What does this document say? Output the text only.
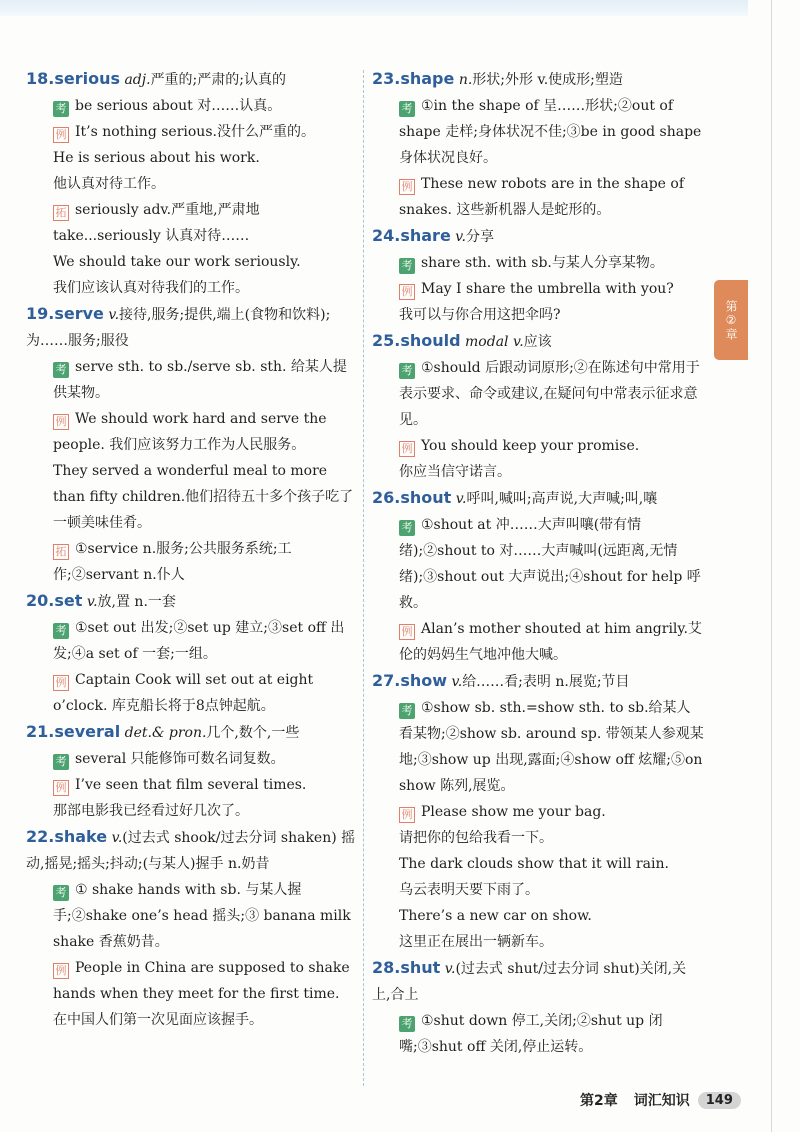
18.serious adj.严重的;严肃的;认真的
考 be serious about 对……认真。
例 It’s nothing serious.没什么严重的。
He is serious about his work.
他认真对待工作。
拓 seriously adv.严重地,严肃地
take...seriously 认真对待……
We should take our work seriously.
我们应该认真对待我们的工作。
19.serve v.接待,服务;提供,端上(食物和饮料);为……服务;服役
考 serve sth. to sb./serve sb. sth. 给某人提供某物。
例 We should work hard and serve the people. 我们应该努力工作为人民服务。
They served a wonderful meal to more than fifty children.他们招待五十多个孩子吃了一顿美味佳肴。
拓 ①service n.服务;公共服务系统;工作;②servant n.仆人
20.set v.放,置 n.一套
考 ①set out 出发;②set up 建立;③set off 出发;④a set of 一套;一组。
例 Captain Cook will set out at eight o’clock. 库克船长将于8点钟起航。
21.several det.& pron.几个,数个,一些
考 several 只能修饰可数名词复数。
例 I’ve seen that film several times.
那部电影我已经看过好几次了。
22.shake v.(过去式 shook/过去分词 shaken) 摇动,摇晃;摇头;抖动;(与某人)握手 n.奶昔
考 ① shake hands with sb. 与某人握手;②shake one’s head 摇头;③ banana milk shake 香蕉奶昔。
例 People in China are supposed to shake hands when they meet for the first time.
在中国人们第一次见面应该握手。
23.shape n.形状;外形 v.使成形;塑造
考 ①in the shape of 呈……形状;②out of shape 走样;身体状况不佳;③be in good shape 身体状况良好。
例 These new robots are in the shape of snakes. 这些新机器人是蛇形的。
24.share v.分享
考 share sth. with sb.与某人分享某物。
例 May I share the umbrella with you?
我可以与你合用这把伞吗?
25.should modal v.应该
考 ①should 后跟动词原形;②在陈述句中常用于表示要求、命令或建议,在疑问句中常表示征求意见。
例 You should keep your promise.
你应当信守诺言。
26.shout v.呼叫,喊叫;高声说,大声喊;叫,嚷
考 ①shout at 冲……大声叫嚷(带有情绪);②shout to 对……大声喊叫(远距离,无情绪);③shout out 大声说出;④shout for help 呼救。
例 Alan’s mother shouted at him angrily.艾伦的妈妈生气地冲他大喊。
27.show v.给……看;表明 n.展览;节目
考 ①show sb. sth.=show sth. to sb.给某人看某物;②show sb. around sp. 带领某人参观某地;③show up 出现,露面;④show off 炫耀;⑤on show 陈列,展览。
例 Please show me your bag.
请把你的包给我看一下。
The dark clouds show that it will rain.
乌云表明天要下雨了。
There’s a new car on show.
这里正在展出一辆新车。
28.shut v.(过去式 shut/过去分词 shut)关闭,关上,合上
考 ①shut down 停工,关闭;②shut up 闭嘴;③shut off 关闭,停止运转。
第②章
第2章 词汇知识	149
